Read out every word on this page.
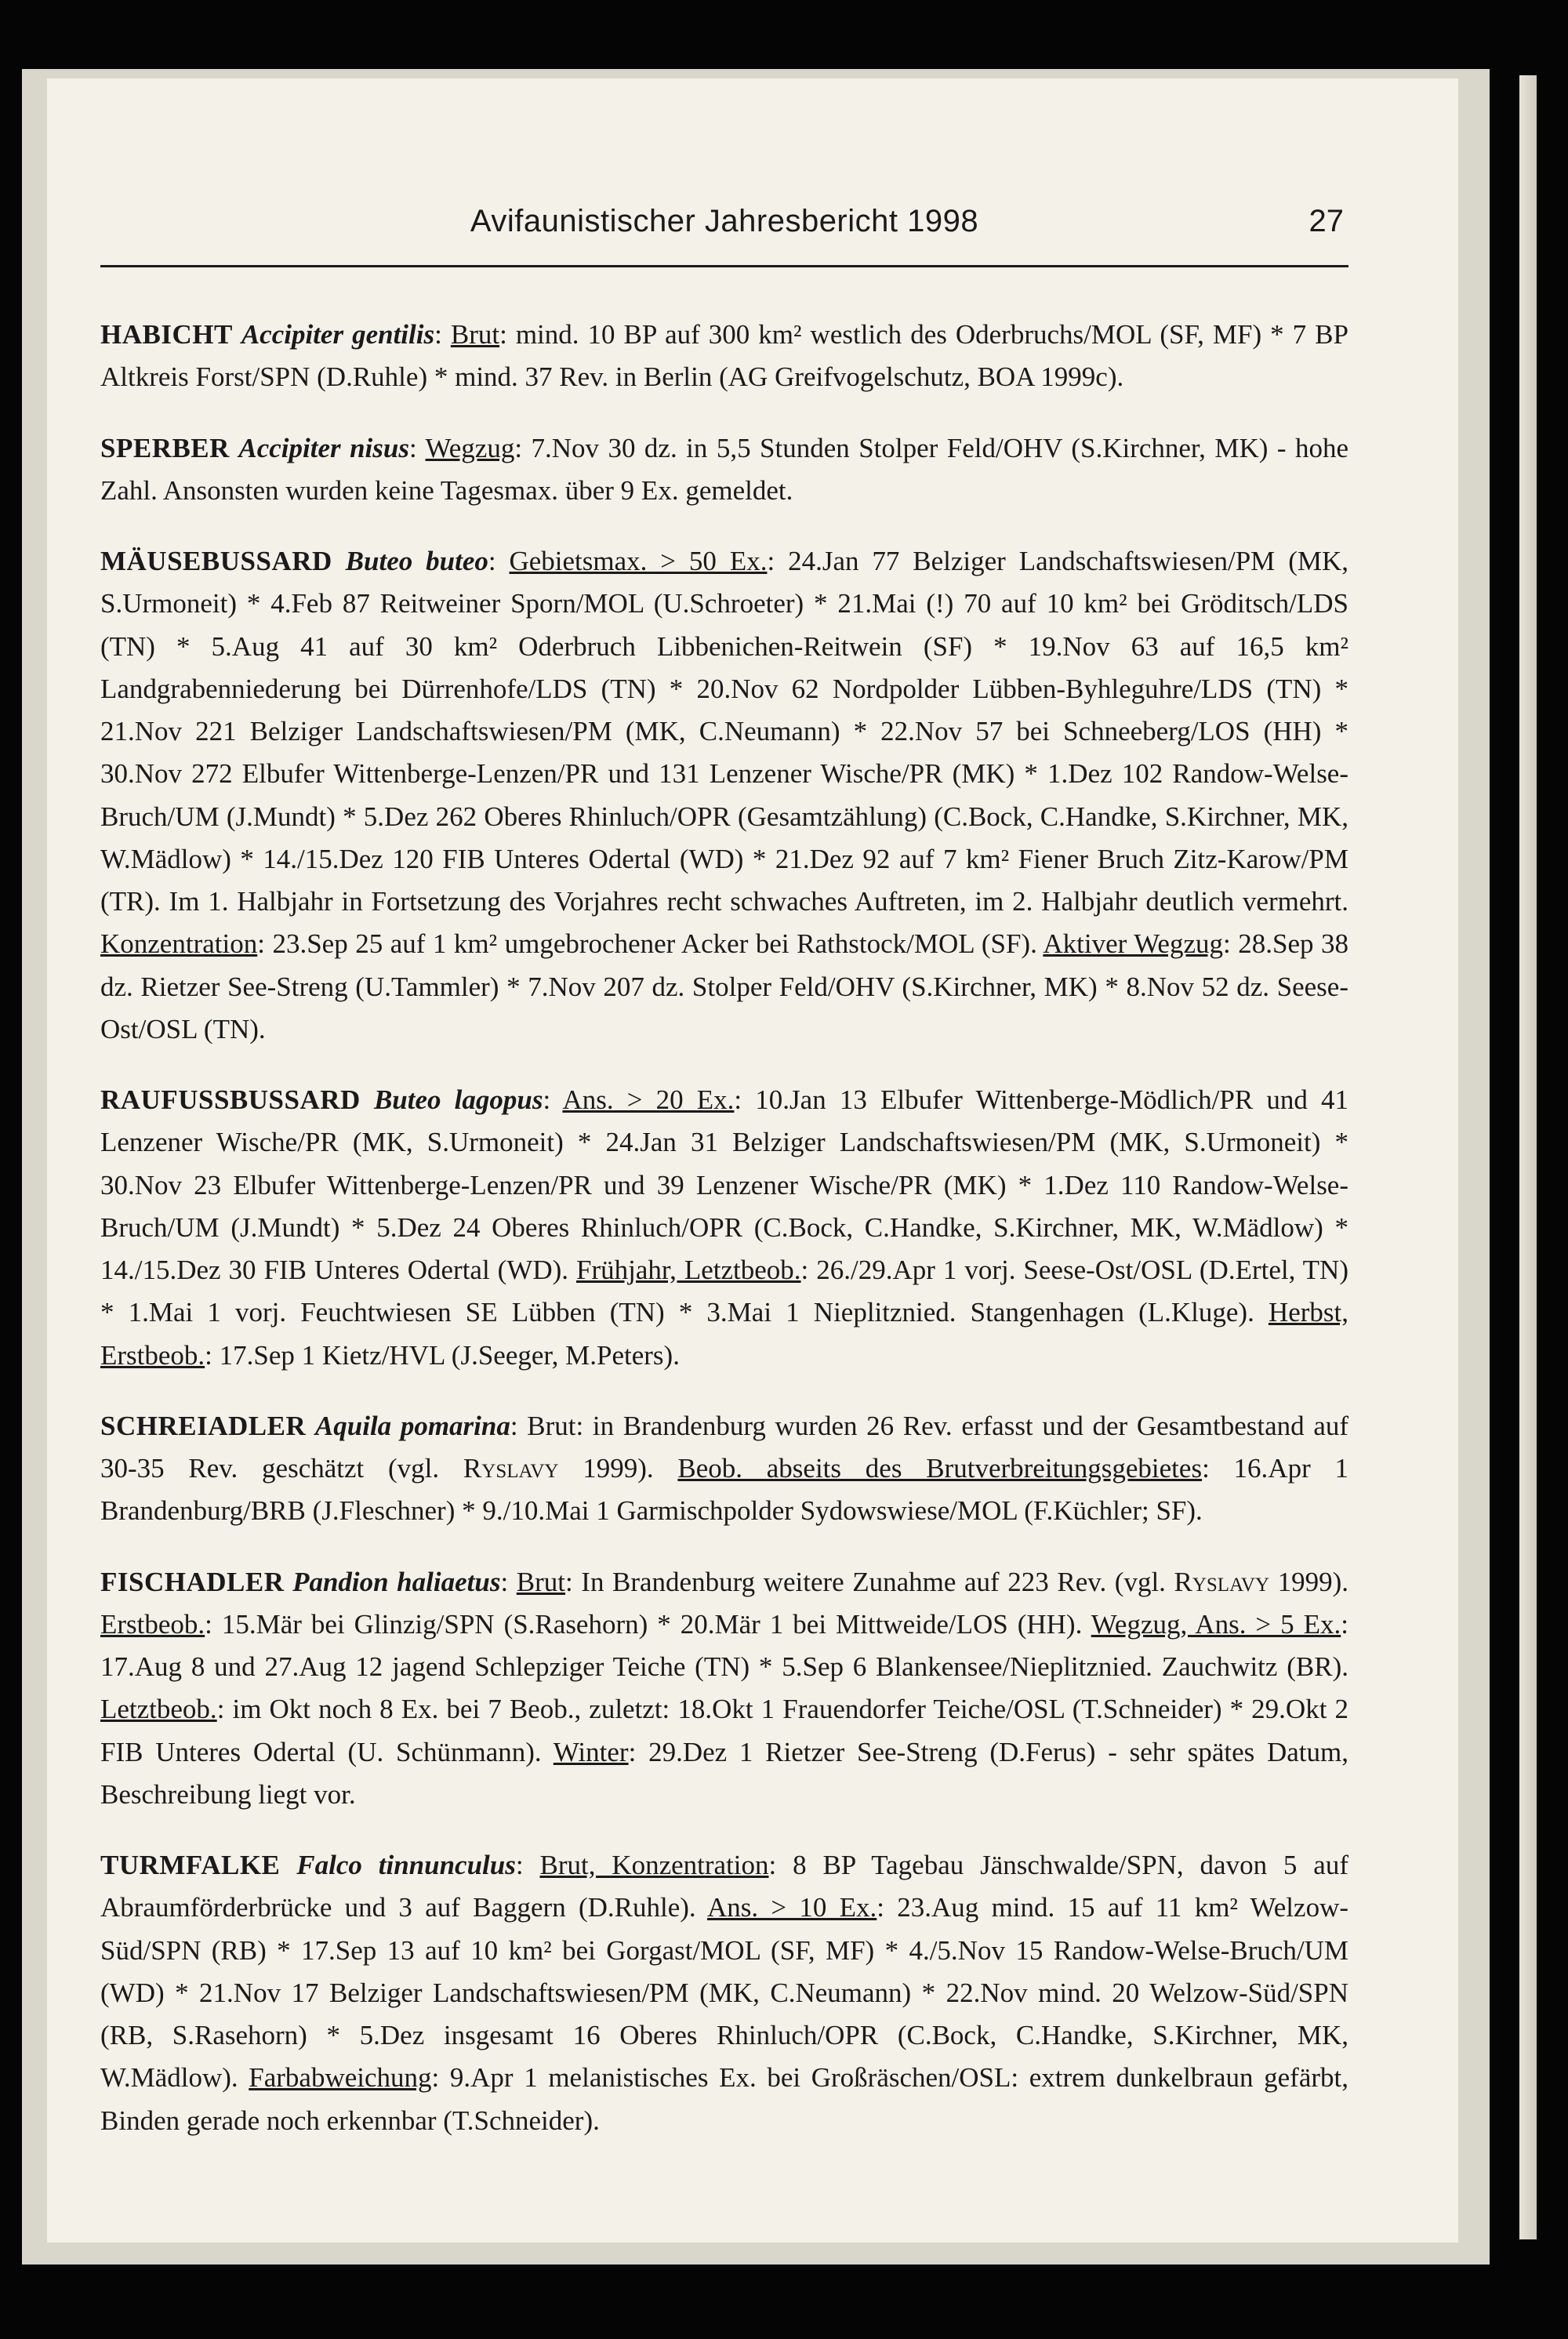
Avifaunistischer Jahresbericht 1998	27

HABICHT Accipiter gentilis: Brut: mind. 10 BP auf 300 km² westlich des Oderbruchs/MOL (SF, MF) * 7 BP Altkreis Forst/SPN (D.Ruhle) * mind. 37 Rev. in Berlin (AG Greifvogelschutz, BOA 1999c).

SPERBER Accipiter nisus: Wegzug: 7.Nov 30 dz. in 5,5 Stunden Stolper Feld/OHV (S.Kirchner, MK) - hohe Zahl. Ansonsten wurden keine Tagesmax. über 9 Ex. gemeldet.

MÄUSEBUSSARD Buteo buteo: Gebietsmax. > 50 Ex.: 24.Jan 77 Belziger Landschaftswiesen/PM (MK, S.Urmoneit) * 4.Feb 87 Reitweiner Sporn/MOL (U.Schroeter) * 21.Mai (!) 70 auf 10 km² bei Gröditsch/LDS (TN) * 5.Aug 41 auf 30 km² Oderbruch Libbenichen-Reitwein (SF) * 19.Nov 63 auf 16,5 km² Landgrabenniederung bei Dürrenhofe/LDS (TN) * 20.Nov 62 Nordpolder Lübben-Byhleguhre/LDS (TN) * 21.Nov 221 Belziger Landschaftswiesen/PM (MK, C.Neumann) * 22.Nov 57 bei Schneeberg/LOS (HH) * 30.Nov 272 Elbufer Wittenberge-Lenzen/PR und 131 Lenzener Wische/PR (MK) * 1.Dez 102 Randow-Welse-Bruch/UM (J.Mundt) * 5.Dez 262 Oberes Rhinluch/OPR (Gesamtzählung) (C.Bock, C.Handke, S.Kirchner, MK, W.Mädlow) * 14./15.Dez 120 FIB Unteres Odertal (WD) * 21.Dez 92 auf 7 km² Fiener Bruch Zitz-Karow/PM (TR). Im 1. Halbjahr in Fortsetzung des Vorjahres recht schwaches Auftreten, im 2. Halbjahr deutlich vermehrt. Konzentration: 23.Sep 25 auf 1 km² umgebrochener Acker bei Rathstock/MOL (SF). Aktiver Wegzug: 28.Sep 38 dz. Rietzer See-Streng (U.Tammler) * 7.Nov 207 dz. Stolper Feld/OHV (S.Kirchner, MK) * 8.Nov 52 dz. Seese-Ost/OSL (TN).

RAUFUSSBUSSARD Buteo lagopus: Ans. > 20 Ex.: 10.Jan 13 Elbufer Wittenberge-Mödlich/PR und 41 Lenzener Wische/PR (MK, S.Urmoneit) * 24.Jan 31 Belziger Landschaftswiesen/PM (MK, S.Urmoneit) * 30.Nov 23 Elbufer Wittenberge-Lenzen/PR und 39 Lenzener Wische/PR (MK) * 1.Dez 110 Randow-Welse-Bruch/UM (J.Mundt) * 5.Dez 24 Oberes Rhinluch/OPR (C.Bock, C.Handke, S.Kirchner, MK, W.Mädlow) * 14./15.Dez 30 FIB Unteres Odertal (WD). Frühjahr, Letztbeob.: 26./29.Apr 1 vorj. Seese-Ost/OSL (D.Ertel, TN) * 1.Mai 1 vorj. Feuchtwiesen SE Lübben (TN) * 3.Mai 1 Nieplitznied. Stangenhagen (L.Kluge). Herbst, Erstbeob.: 17.Sep 1 Kietz/HVL (J.Seeger, M.Peters).

SCHREIADLER Aquila pomarina: Brut: in Brandenburg wurden 26 Rev. erfasst und der Gesamtbestand auf 30-35 Rev. geschätzt (vgl. Ryslavy 1999). Beob. abseits des Brutverbreitungsgebietes: 16.Apr 1 Brandenburg/BRB (J.Fleschner) * 9./10.Mai 1 Garmischpolder Sydowswiese/MOL (F.Küchler; SF).

FISCHADLER Pandion haliaetus: Brut: In Brandenburg weitere Zunahme auf 223 Rev. (vgl. Ryslavy 1999). Erstbeob.: 15.Mär bei Glinzig/SPN (S.Rasehorn) * 20.Mär 1 bei Mittweide/LOS (HH). Wegzug, Ans. > 5 Ex.: 17.Aug 8 und 27.Aug 12 jagend Schlepziger Teiche (TN) * 5.Sep 6 Blankensee/Nieplitznied. Zauchwitz (BR). Letztbeob.: im Okt noch 8 Ex. bei 7 Beob., zuletzt: 18.Okt 1 Frauendorfer Teiche/OSL (T.Schneider) * 29.Okt 2 FIB Unteres Odertal (U. Schünmann). Winter: 29.Dez 1 Rietzer See-Streng (D.Ferus) - sehr spätes Datum, Beschreibung liegt vor.

TURMFALKE Falco tinnunculus: Brut, Konzentration: 8 BP Tagebau Jänschwalde/SPN, davon 5 auf Abraumförderbrücke und 3 auf Baggern (D.Ruhle). Ans. > 10 Ex.: 23.Aug mind. 15 auf 11 km² Welzow-Süd/SPN (RB) * 17.Sep 13 auf 10 km² bei Gorgast/MOL (SF, MF) * 4./5.Nov 15 Randow-Welse-Bruch/UM (WD) * 21.Nov 17 Belziger Landschaftswiesen/PM (MK, C.Neumann) * 22.Nov mind. 20 Welzow-Süd/SPN (RB, S.Rasehorn) * 5.Dez insgesamt 16 Oberes Rhinluch/OPR (C.Bock, C.Handke, S.Kirchner, MK, W.Mädlow). Farbabweichung: 9.Apr 1 melanistisches Ex. bei Großräschen/OSL: extrem dunkelbraun gefärbt, Binden gerade noch erkennbar (T.Schneider).
